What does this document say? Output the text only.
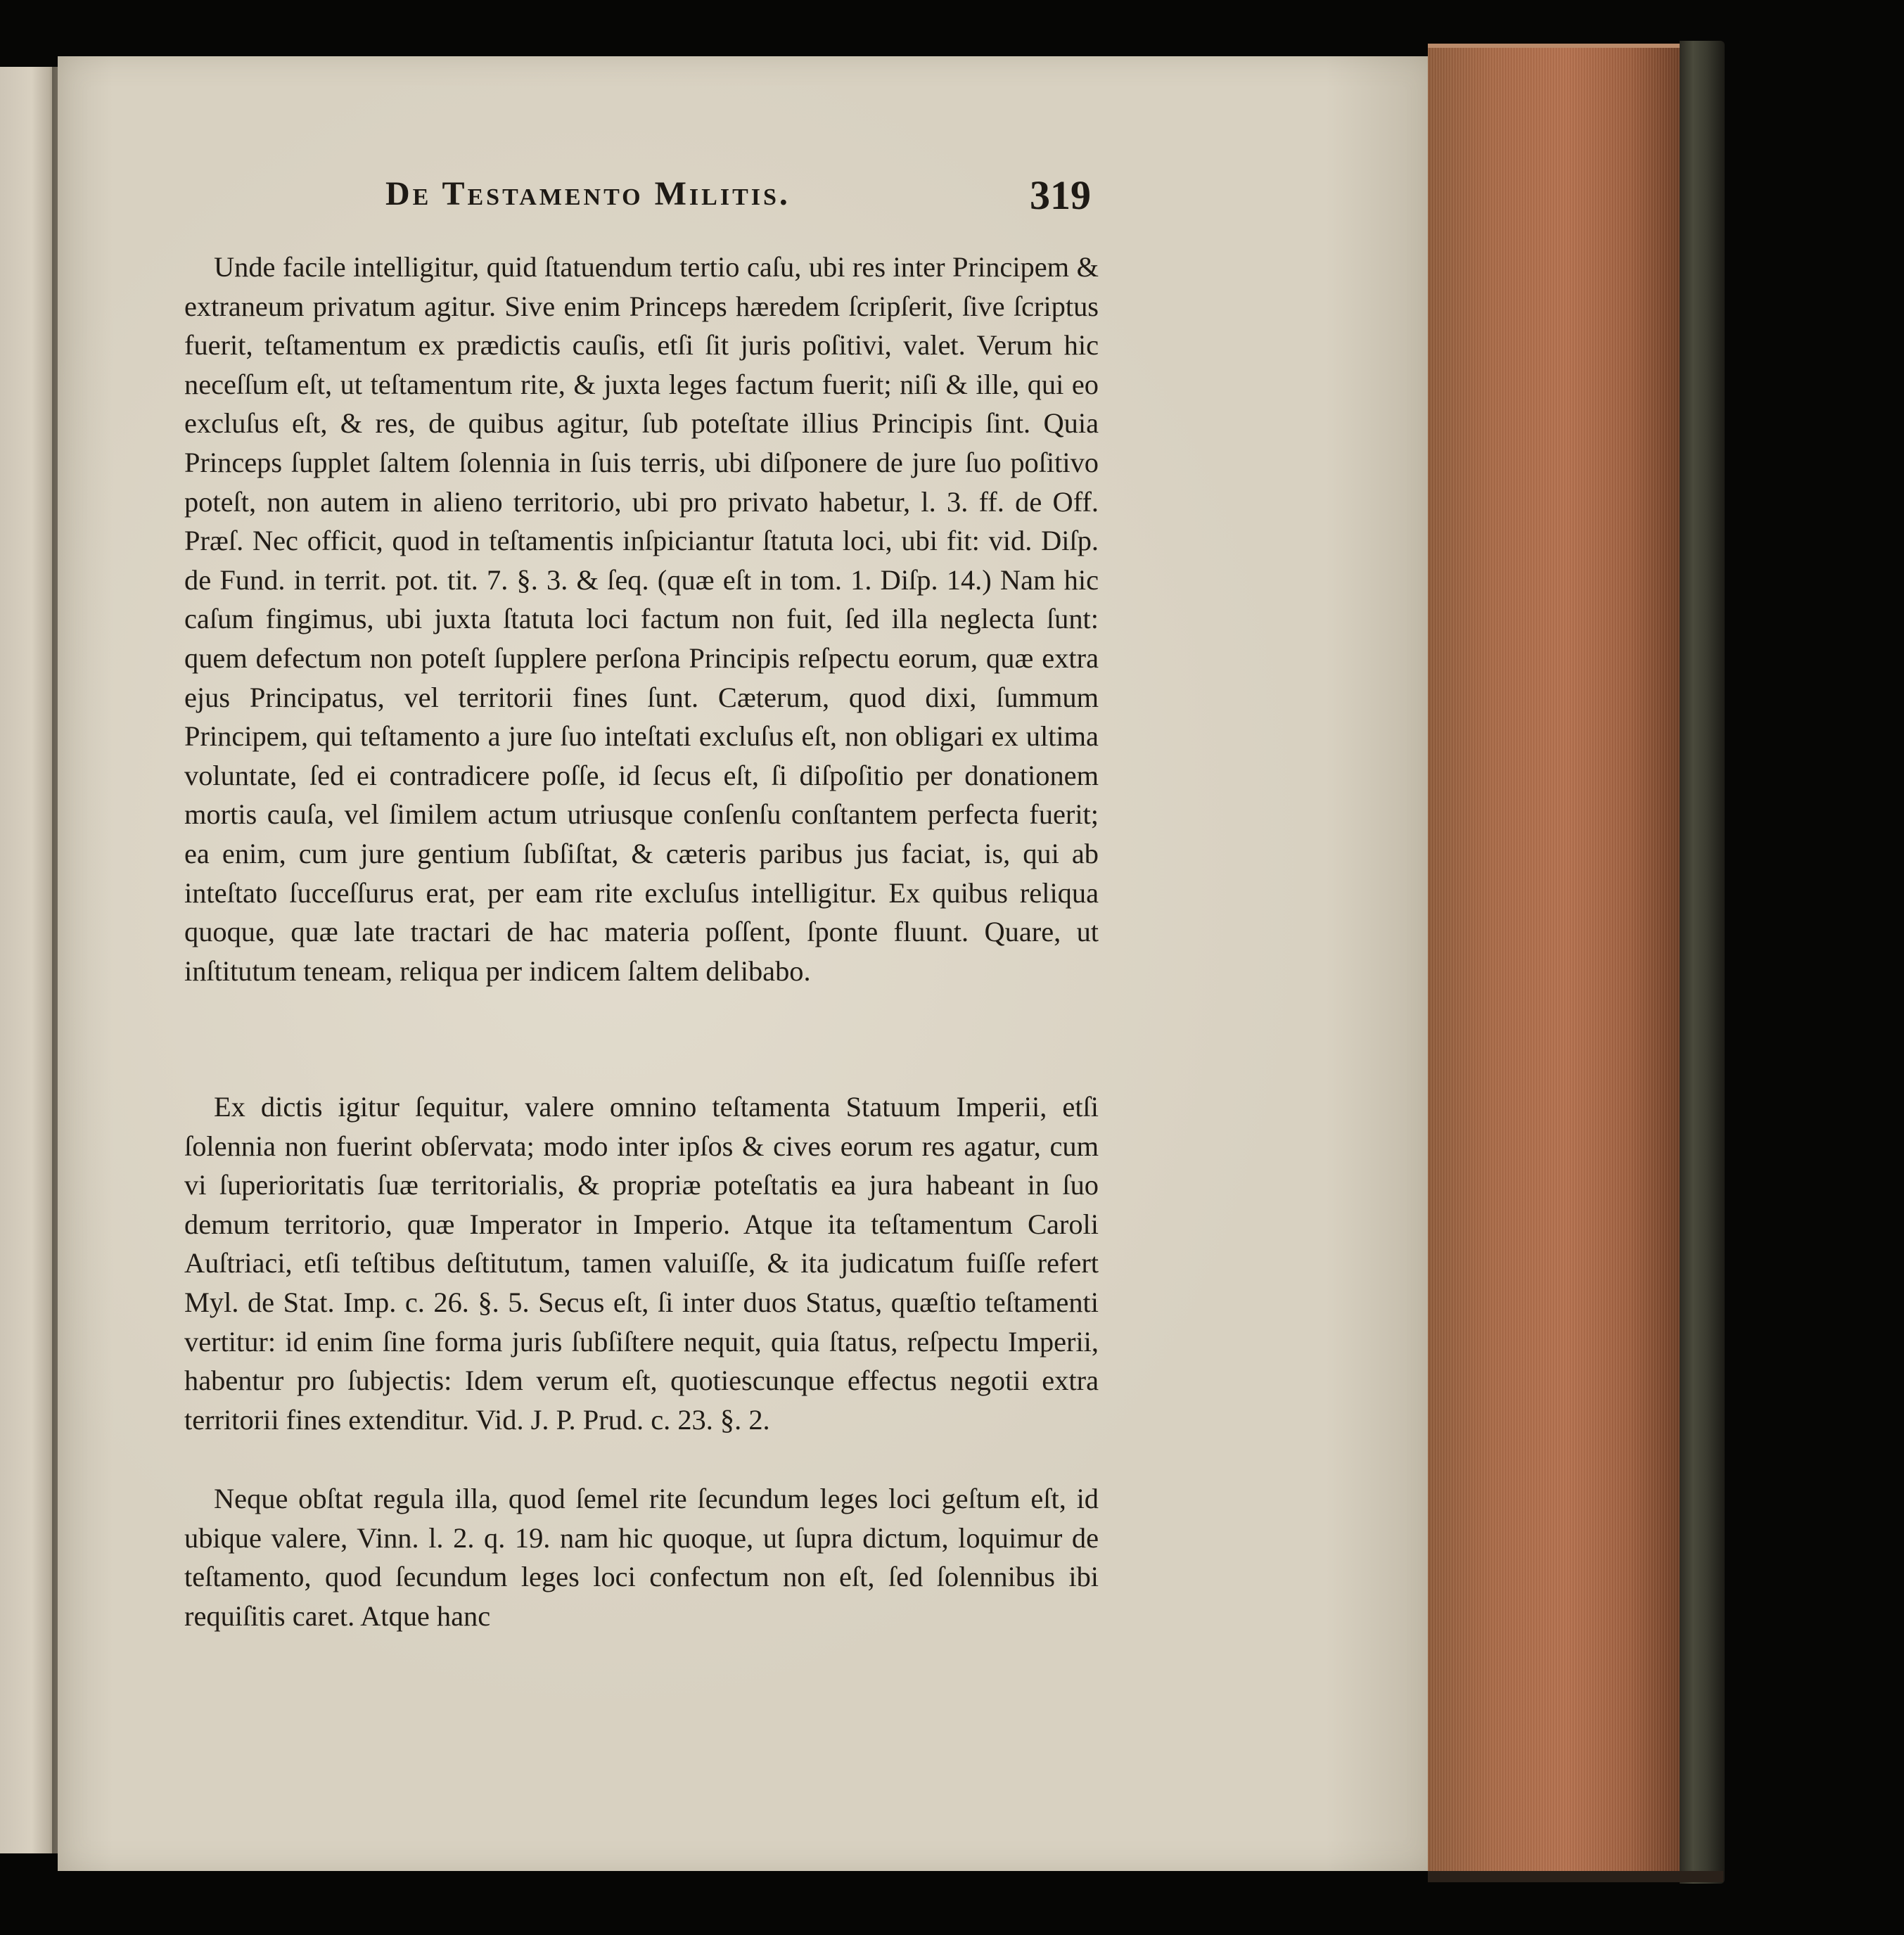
De Testamento Militis.	319

Unde facile intelligitur, quid ſtatuendum tertio caſu, ubi res inter Principem & extraneum privatum agitur. Sive enim Princeps hæredem ſcripſerit, ſive ſcriptus fuerit, teſtamentum ex prædictis cauſis, etſi ſit juris poſitivi, valet. Verum hic neceſſum eſt, ut teſtamentum rite, & juxta leges factum fuerit; niſi & ille, qui eo excluſus eſt, & res, de quibus agitur, ſub poteſtate illius Principis ſint. Quia Princeps ſupplet ſaltem ſolennia in ſuis terris, ubi diſponere de jure ſuo poſitivo poteſt, non autem in alieno territorio, ubi pro privato habetur, l. 3. ff. de Off. Præſ. Nec officit, quod in teſtamentis inſpiciantur ſtatuta loci, ubi fit: vid. Diſp. de Fund. in territ. pot. tit. 7. §. 3. & ſeq. (quæ eſt in tom. 1. Diſp. 14.) Nam hic caſum fingimus, ubi juxta ſtatuta loci factum non fuit, ſed illa neglecta ſunt: quem defectum non poteſt ſupplere perſona Principis reſpectu eorum, quæ extra ejus Principatus, vel territorii fines ſunt. Cæterum, quod dixi, ſummum Principem, qui teſtamento a jure ſuo inteſtati excluſus eſt, non obligari ex ultima voluntate, ſed ei contradicere poſſe, id ſecus eſt, ſi diſpoſitio per donationem mortis cauſa, vel ſimilem actum utriusque conſenſu conſtantem perfecta fuerit; ea enim, cum jure gentium ſubſiſtat, & cæteris paribus jus faciat, is, qui ab inteſtato ſucceſſurus erat, per eam rite excluſus intelligitur. Ex quibus reliqua quoque, quæ late tractari de hac materia poſſent, ſponte fluunt. Quare, ut inſtitutum teneam, reliqua per indicem ſaltem delibabo.

Ex dictis igitur ſequitur, valere omnino teſtamenta Statuum Imperii, etſi ſolennia non fuerint obſervata; modo inter ipſos & cives eorum res agatur, cum vi ſuperioritatis ſuæ territorialis, & propriæ poteſtatis ea jura habeant in ſuo demum territorio, quæ Imperator in Imperio. Atque ita teſtamentum Caroli Auſtriaci, etſi teſtibus deſtitutum, tamen valuiſſe, & ita judicatum fuiſſe refert Myl. de Stat. Imp. c. 26. §. 5. Secus eſt, ſi inter duos Status, quæſtio teſtamenti vertitur: id enim ſine forma juris ſubſiſtere nequit, quia ſtatus, reſpectu Imperii, habentur pro ſubjectis: Idem verum eſt, quotiescunque effectus negotii extra territorii fines extenditur. Vid. J. P. Prud. c. 23. §. 2.

Neque obſtat regula illa, quod ſemel rite ſecundum leges loci geſtum eſt, id ubique valere, Vinn. l. 2. q. 19. nam hic quoque, ut ſupra dictum, loquimur de teſtamento, quod ſecundum leges loci confectum non eſt, ſed ſolennibus ibi requiſitis caret. Atque hanc
